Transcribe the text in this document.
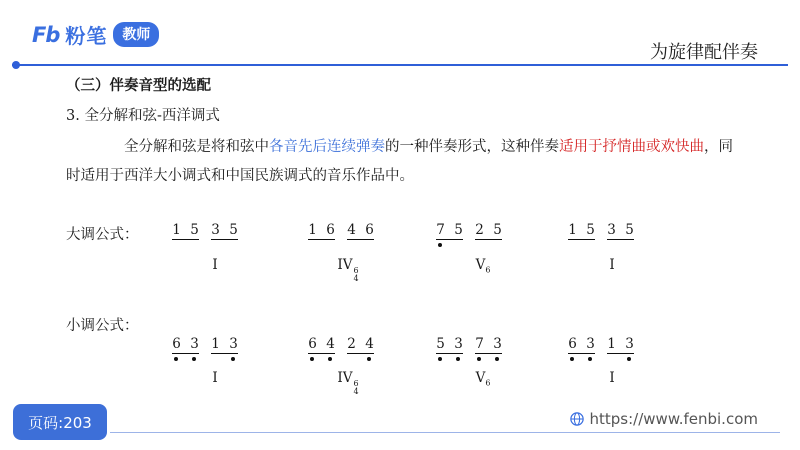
Fb 粉笔	教师
为旋律配伴奏
（三）伴奏音型的选配
3. 全分解和弦-西洋调式
全分解和弦是将和弦中各音先后连续弹奏的一种伴奏形式，这种伴奏适用于抒情曲或欢快曲，同时适用于西洋大小调式和中国民族调式的音乐作品中。
大调公式： 1 5 3 5	1 6 4 6	7 5 2 5	1 5 3 5
I	IV 6
4
$V_6$	I
小调公式：
6 3 1 3	6 4 2 4	5 3 7 3	6 3 1 3
I	IV 6
4
$V_6$	I
页码:203	https://www.fenbi.com
